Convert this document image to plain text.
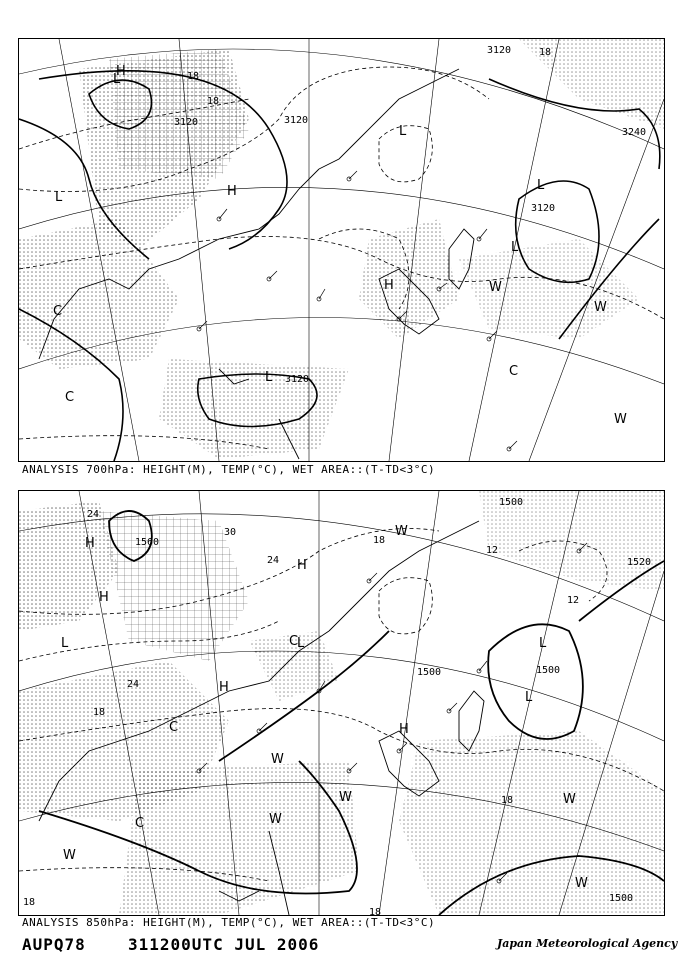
3120
3120	3120
3120
3120
3240
18
18
18
H
H
H
L
L
L
L
L
L
W
W
W
C
C
C
ANALYSIS 700hPa: HEIGHT(M), TEMP(°C), WET AREA::(T-TD<3°C)
1500	1500
1500
1520
1500
1560
24
30
24
18
18
12
12
18
18
24
18
H
H
H
H
H
L	L
L
L
C
C
C
W
W
W
W	W
W
W
ANALYSIS 850hPa: HEIGHT(M), TEMP(°C), WET AREA::(T-TD<3°C)
AUPQ78	311200UTC JUL 2006	Japan Meteorological Agency
